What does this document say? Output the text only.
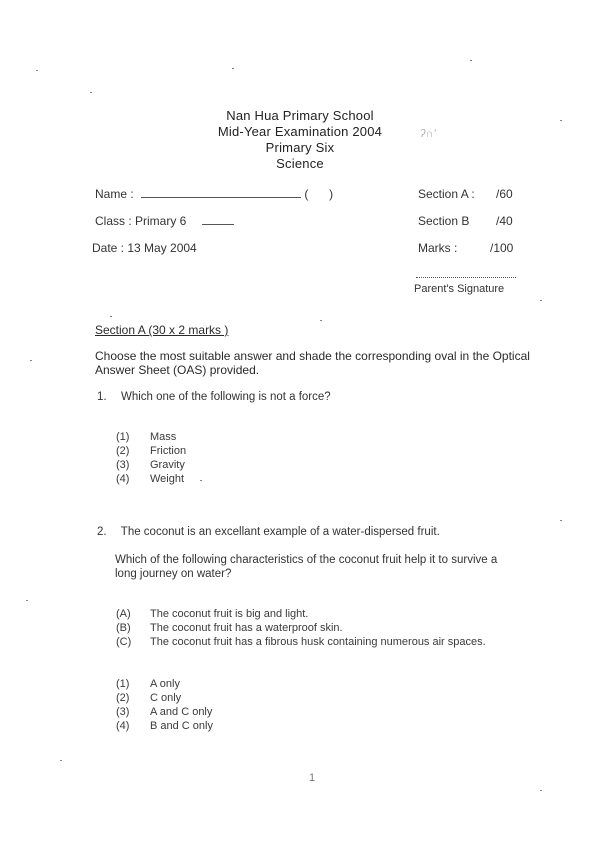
Nan Hua Primary School
Mid-Year Examination 2004
Primary Six
Science
ʔ∩ʻ
Name :	( )	Section A : /60
Class : Primary 6	Section B /40
Date : 13 May 2004	Marks :	/100
Parent's Signature
Section A (30 x 2 marks )
Choose the most suitable answer and shade the corresponding oval in the Optical Answer Sheet (OAS) provided.
1. Which one of the following is not a force?
(1) Mass
(2) Friction
(3) Gravity
(4) Weight
2. The coconut is an excellant example of a water-dispersed fruit.
Which of the following characteristics of the coconut fruit help it to survive a
long journey on water?
(A) The coconut fruit is big and light.
(B) The coconut fruit has a waterproof skin.
(C) The coconut fruit has a fibrous husk containing numerous air spaces.
(1) A only
(2) C only
(3) A and C only
(4) B and C only
1
